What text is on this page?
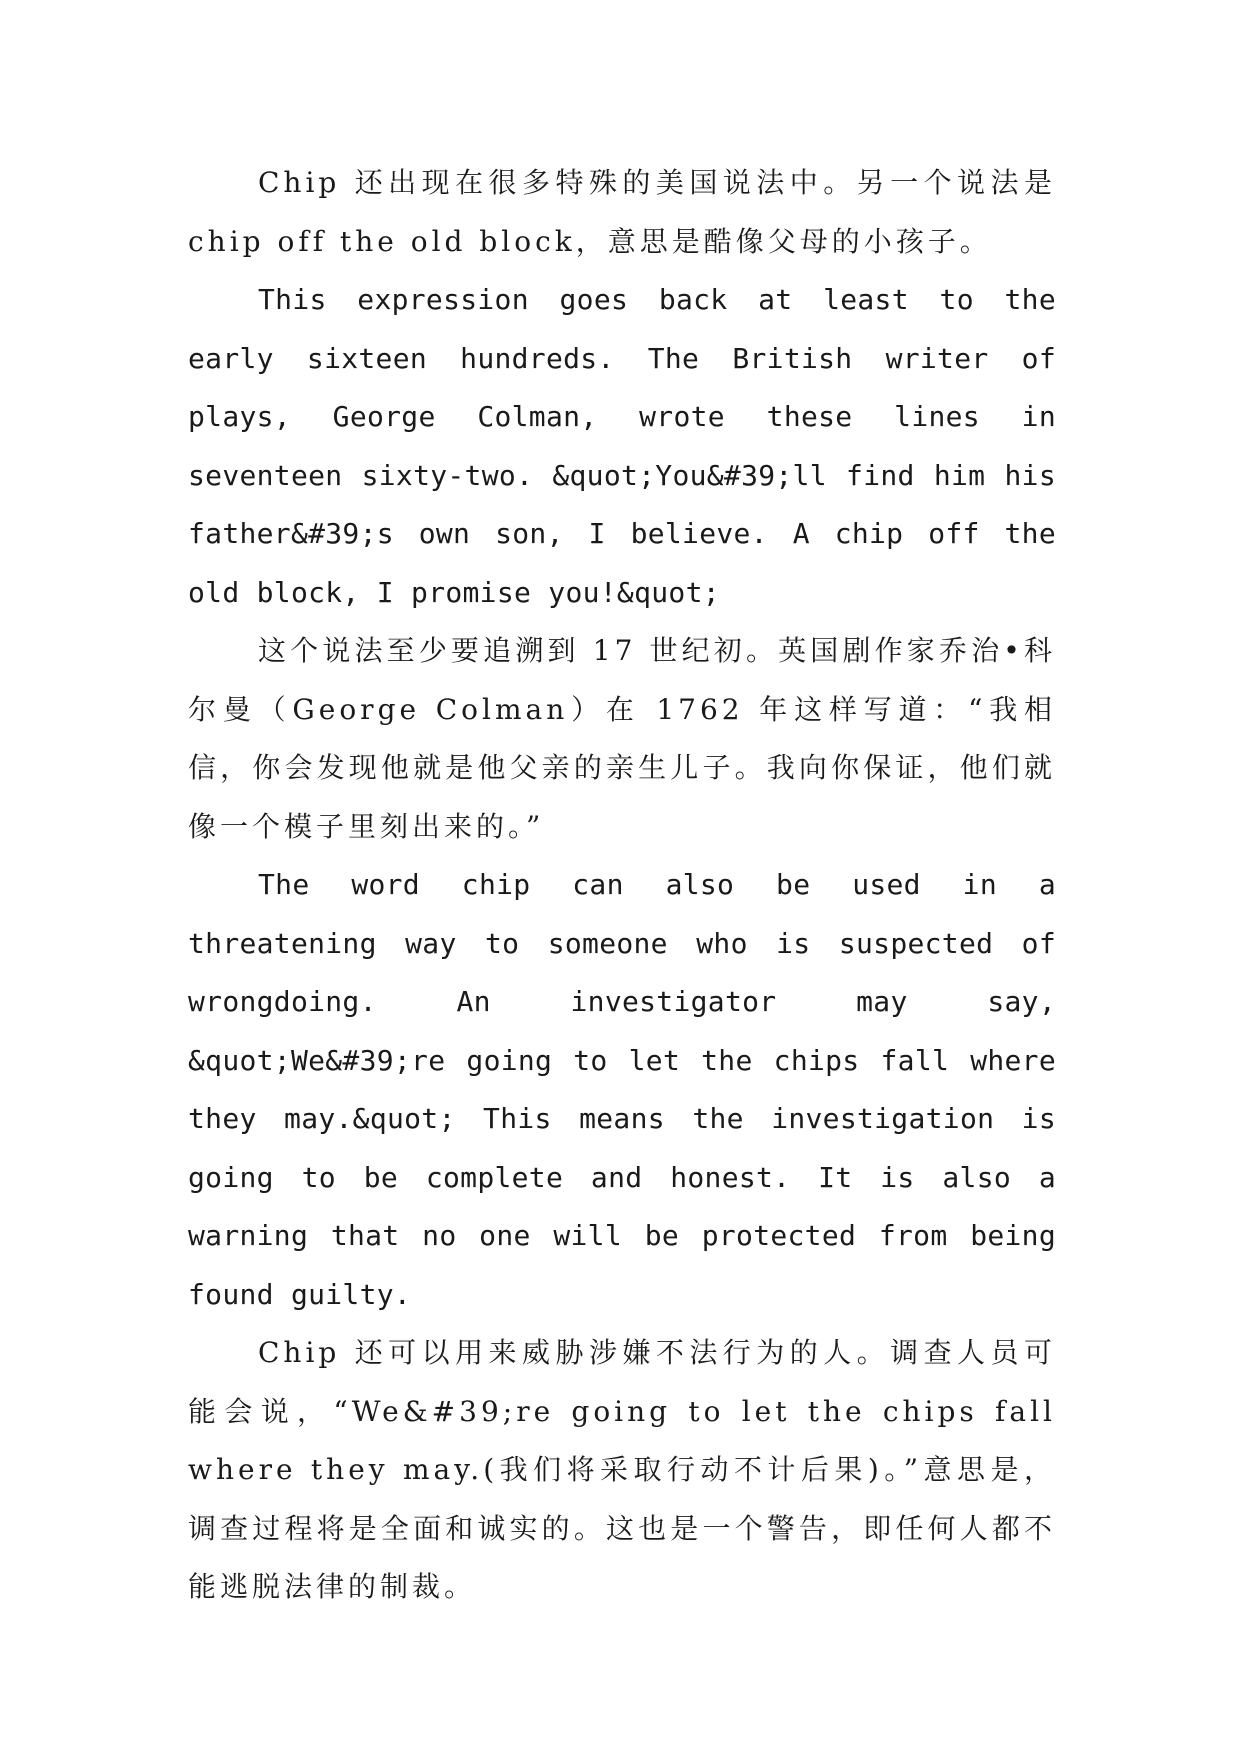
Chip 还出现在很多特殊的美国说法中。另一个说法是 chip off the old block，意思是酷像父母的小孩子。

This expression goes back at least to the early sixteen hundreds. The British writer of plays, George Colman, wrote these lines in seventeen sixty-two. &quot;You&#39;ll find him his father&#39;s own son, I believe. A chip off the old block, I promise you!&quot;

这个说法至少要追溯到 17 世纪初。英国剧作家乔治•科尔曼（George Colman）在 1762 年这样写道：“我相信，你会发现他就是他父亲的亲生儿子。我向你保证，他们就像一个模子里刻出来的。”

The word chip can also be used in a threatening way to someone who is suspected of wrongdoing. An investigator may say, &quot;We&#39;re going to let the chips fall where they may.&quot; This means the investigation is going to be complete and honest. It is also a warning that no one will be protected from being found guilty.

Chip 还可以用来威胁涉嫌不法行为的人。调查人员可能会说，“We&#39;re going to let the chips fall where they may.(我们将采取行动不计后果)。”意思是，调查过程将是全面和诚实的。这也是一个警告，即任何人都不能逃脱法律的制裁。
